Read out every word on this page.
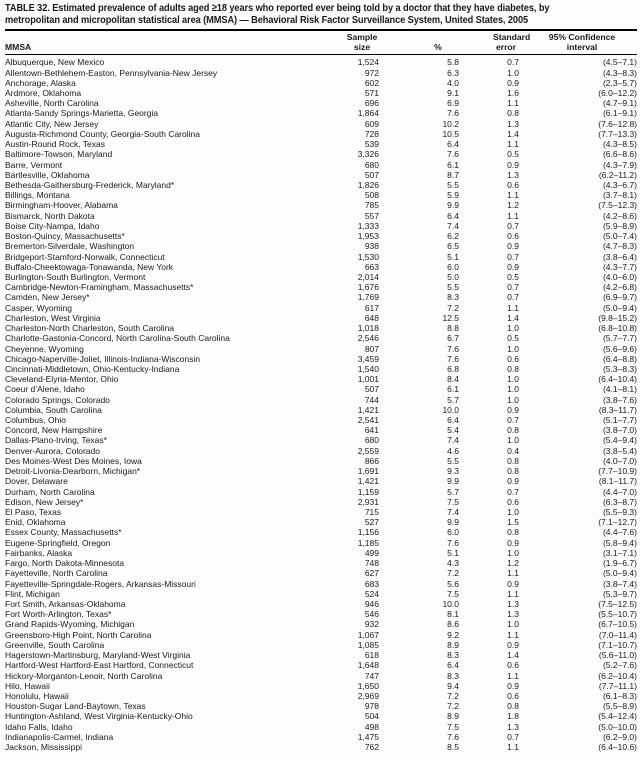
TABLE 32. Estimated prevalence of adults aged ≥18 years who reported ever being told by a doctor that they have diabetes, by
metropolitan and micropolitan statistical area (MMSA) — Behavioral Risk Factor Surveillance System, United States, 2005
MMSA	Sample
size	%	Standard
error	95% Confidence
interval
Albuquerque, New Mexico	1,524	5.8	0.7	(4.5–7.1)
Allentown-Bethlehem-Easton, Pennsylvania-New Jersey	972	6.3	1.0	(4.3–8.3)
Anchorage, Alaska	602	4.0	0.9	(2.3–5.7)
Ardmore, Oklahoma	571	9.1	1.6	(6.0–12.2)
Asheville, North Carolina	696	6.9	1.1	(4.7–9.1)
Atlanta-Sandy Springs-Marietta, Georgia	1,864	7.6	0.8	(6.1–9.1)
Atlantic City, New Jersey	609	10.2	1.3	(7.6–12.8)
Augusta-Richmond County, Georgia-South Carolina	728	10.5	1.4	(7.7–13.3)
Austin-Round Rock, Texas	539	6.4	1.1	(4.3–8.5)
Baltimore-Towson, Maryland	3,326	7.6	0.5	(6.6–8.6)
Barre, Vermont	680	6.1	0.9	(4.3–7.9)
Bartlesville, Oklahoma	507	8.7	1.3	(6.2–11.2)
Bethesda-Gaithersburg-Frederick, Maryland*	1,826	5.5	0.6	(4.3–6.7)
Billings, Montana	508	5.9	1.1	(3.7–8.1)
Birmingham-Hoover, Alabama	785	9.9	1.2	(7.5–12.3)
Bismarck, North Dakota	557	6.4	1.1	(4.2–8.6)
Boise City-Nampa, Idaho	1,333	7.4	0.7	(5.9–8.9)
Boston-Quincy, Massachusetts*	1,953	6.2	0.6	(5.0–7.4)
Bremerton-Silverdale, Washington	938	6.5	0.9	(4.7–8.3)
Bridgeport-Stamford-Norwalk, Connecticut	1,530	5.1	0.7	(3.8–6.4)
Buffalo-Cheektowaga-Tonawanda, New York	663	6.0	0.9	(4.3–7.7)
Burlington-South Burlington, Vermont	2,014	5.0	0.5	(4.0–6.0)
Cambridge-Newton-Framingham, Massachusetts*	1,676	5.5	0.7	(4.2–6.8)
Camden, New Jersey*	1,769	8.3	0.7	(6.9–9.7)
Casper, Wyoming	617	7.2	1.1	(5.0–9.4)
Charleston, West Virginia	648	12.5	1.4	(9.8–15.2)
Charleston-North Charleston, South Carolina	1,018	8.8	1.0	(6.8–10.8)
Charlotte-Gastonia-Concord, North Carolina-South Carolina	2,546	6.7	0.5	(5.7–7.7)
Cheyenne, Wyoming	807	7.6	1.0	(5.6–9.6)
Chicago-Naperville-Joliet, Illinois-Indiana-Wisconsin	3,459	7.6	0.6	(6.4–8.8)
Cincinnati-Middletown, Ohio-Kentucky-Indiana	1,540	6.8	0.8	(5.3–8.3)
Cleveland-Elyria-Mentor, Ohio	1,001	8.4	1.0	(6.4–10.4)
Coeur d’Alene, Idaho	507	6.1	1.0	(4.1–8.1)
Colorado Springs, Colorado	744	5.7	1.0	(3.8–7.6)
Columbia, South Carolina	1,421	10.0	0.9	(8.3–11.7)
Columbus, Ohio	2,541	6.4	0.7	(5.1–7.7)
Concord, New Hampshire	641	5.4	0.8	(3.8–7.0)
Dallas-Plano-Irving, Texas*	680	7.4	1.0	(5.4–9.4)
Denver-Aurora, Colorado	2,559	4.6	0.4	(3.8–5.4)
Des Moines-West Des Moines, Iowa	866	5.5	0.8	(4.0–7.0)
Detroit-Livonia-Dearborn, Michigan*	1,691	9.3	0.8	(7.7–10.9)
Dover, Delaware	1,421	9.9	0.9	(8.1–11.7)
Durham, North Carolina	1,159	5.7	0.7	(4.4–7.0)
Edison, New Jersey*	2,931	7.5	0.6	(6.3–8.7)
El Paso, Texas	715	7.4	1.0	(5.5–9.3)
Enid, Oklahoma	527	9.9	1.5	(7.1–12.7)
Essex County, Massachusetts*	1,156	6.0	0.8	(4.4–7.6)
Eugene-Springfield, Oregon	1,185	7.6	0.9	(5.8–9.4)
Fairbanks, Alaska	499	5.1	1.0	(3.1–7.1)
Fargo, North Dakota-Minnesota	748	4.3	1.2	(1.9–6.7)
Fayetteville, North Carolina	627	7.2	1.1	(5.0–9.4)
Fayetteville-Springdale-Rogers, Arkansas-Missouri	683	5.6	0.9	(3.8–7.4)
Flint, Michigan	524	7.5	1.1	(5.3–9.7)
Fort Smith, Arkansas-Oklahoma	946	10.0	1.3	(7.5–12.5)
Fort Worth-Arlington, Texas*	546	8.1	1.3	(5.5–10.7)
Grand Rapids-Wyoming, Michigan	932	8.6	1.0	(6.7–10.5)
Greensboro-High Point, North Carolina	1,067	9.2	1.1	(7.0–11.4)
Greenville, South Carolina	1,085	8.9	0.9	(7.1–10.7)
Hagerstown-Martinsburg, Maryland-West Virginia	618	8.3	1.4	(5.6–11.0)
Hartford-West Hartford-East Hartford, Connecticut	1,648	6.4	0.6	(5.2–7.6)
Hickory-Morganton-Lenoir, North Carolina	747	8.3	1.1	(6.2–10.4)
Hilo, Hawaii	1,650	9.4	0.9	(7.7–11.1)
Honolulu, Hawaii	2,969	7.2	0.6	(6.1–8.3)
Houston-Sugar Land-Baytown, Texas	978	7.2	0.8	(5.5–8.9)
Huntington-Ashland, West Virginia-Kentucky-Ohio	504	8.9	1.8	(5.4–12.4)
Idaho Falls, Idaho	498	7.5	1.3	(5.0–10.0)
Indianapolis-Carmel, Indiana	1,475	7.6	0.7	(6.2–9.0)
Jackson, Mississippi	762	8.5	1.1	(6.4–10.6)
